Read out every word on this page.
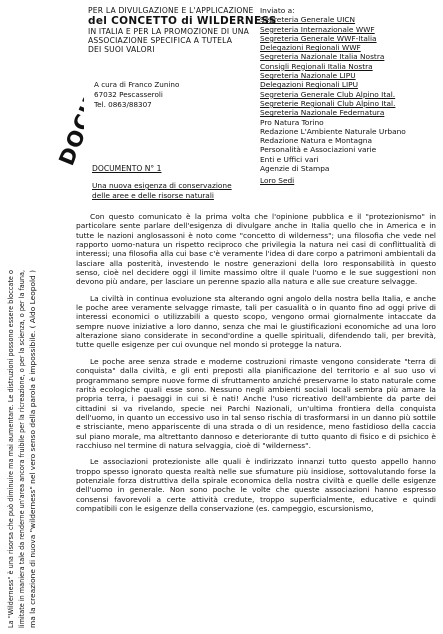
DOCUMENTI
PER LA DIVULGAZIONE E L'APPLICAZIONE
del CONCETTO di WILDERNESS
IN ITALIA E PER LA PROMOZIONE DI UNA
ASSOCIAZIONE SPECIFICA A TUTELA
DEI SUOI VALORI
A cura di Franco Zunino
67032 Pescasseroli
Tel. 0863/88307
Inviato a:
Segreteria Generale UICN
Segreteria Internazionale WWF
Segreteria Generale WWF-Italia
Delegazioni Regionali WWF
Segreteria Nazionale Italia Nostra
Consigli Regionali Italia Nostra
Segreteria Nazionale LIPU
Delegazioni Regionali LIPU
Segreteria Generale Club Alpino Ital.
Segreterie Regionali Club Alpino Ital.
Segreteria Nazionale Federnatura
Pro Natura Torino
Redazione L'Ambiente Naturale Urbano
Redazione Natura e Montagna
Personalità e Associazioni varie
Enti e Uffici vari
Agenzie di Stampa
Loro Sedi
DOCUMENTO N° 1
Una nuova esigenza di conservazione
delle aree e delle risorse naturali
La "Wilderness" è una risorsa che può diminuire ma mai aumentare. Le distruzioni possono essere bloccate o limitate in maniera tale da renderne un'area ancora fruibile per la ricreazione, o per la scienza, o per la fauna, ma la creazione di nuova "wilderness" nel vero senso della parola è impossibile. ( Aldo Leopold )

Con questo comunicato è la prima volta che l'opinione pubblica e il "protezionismo" in particolare sente parlare dell'esigenza di divulgare anche in Italia quello che in America e in tutte le nazioni anglosassoni è noto come "concetto di wilderness"; una filosofia che vede nel rapporto uomo-natura un rispetto reciproco che privilegia la natura nei casi di conflittualità di interessi; una filosofia alla cui base c'è veramente l'idea di dare corpo a patrimoni ambientali da lasciare alla posterità, investendo le nostre generazioni della loro responsabilità in questo senso, cioè nel decidere oggi il limite massimo oltre il quale l'uomo e le sue suggestioni non devono più andare, per lasciare un perenne spazio alla natura e alle sue creature selvagge.

La civiltà in continua evoluzione sta alterando ogni angolo della nostra bella Italia, e anche le poche aree veramente selvagge rimaste, tali per casualità o in quanto fino ad oggi prive di interessi economici o utilizzabili a questo scopo, vengono ormai giornalmente intaccate da sempre nuove iniziative a loro danno, senza che mai le giustificazioni economiche ad una loro alterazione siano considerate in second'ordine a quelle spirituali, difendendo tali, per brevità, tutte quelle esigenze per cui ovunque nel mondo si protegge la natura.

Le poche aree senza strade e moderne costruzioni rimaste vengono considerate "terra di conquista" dalla civiltà, e gli enti preposti alla pianificazione del territorio e al suo uso vi programmano sempre nuove forme di sfruttamento anziché preservarne lo stato naturale come rarità ecologiche quali esse sono. Nessuno negli ambienti sociali locali sembra più amare la propria terra, i paesaggi in cui si è nati! Anche l'uso ricreativo dell'ambiente da parte dei cittadini si va rivelando, specie nei Parchi Nazionali, un'ultima frontiera della conquista dell'uomo, in quanto un eccessivo uso in tal senso rischia di trasformarsi in un danno più sottile e strisciante, meno appariscente di una strada o di un residence, meno fastidioso della caccia sul piano morale, ma altrettanto dannoso e deteriorante di tutto quanto di fisico e di psichico è racchiuso nel termine di natura selvaggia, cioè di "wilderness".

Le associazioni protezioniste alle quali è indirizzato innanzi tutto questo appello hanno troppo spesso ignorato questa realtà nelle sue sfumature più insidiose, sottovalutando forse la potenziale forza distruttiva della spirale economica della nostra civiltà e quelle delle esigenze dell'uomo in generale. Non sono poche le volte che queste associazioni hanno espresso consensi favorevoli a certe attività credute, troppo superficialmente, educative e quindi compatibili con le esigenze della conservazione (es. campeggio, escursionismo,
